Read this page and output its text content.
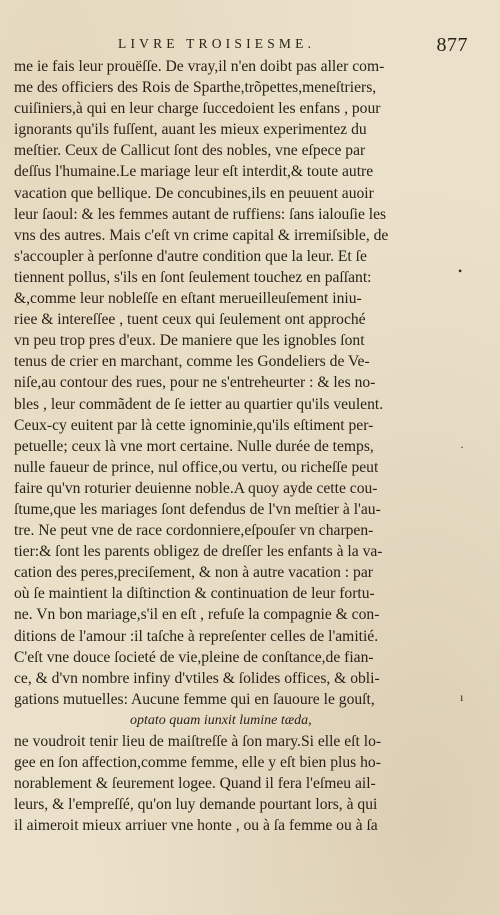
LIVRE TROISIESME.	877
me ie fais leur prouëſſe. De vray,il n'en doibt pas aller com-
me des officiers des Rois de Sparthe,trõpettes,meneſtriers,
cuiſiniers,à qui en leur charge ſuccedoient les enfans , pour
ignorants qu'ils fuſſent, auant les mieux experimentez du
meſtier. Ceux de Callicut ſont des nobles, vne eſpece par
deſſus l'humaine.Le mariage leur eſt interdit,& toute autre
vacation que bellique. De concubines,ils en peuuent auoir
leur ſaoul: & les femmes autant de ruffiens: ſans ialouſie les
vns des autres. Mais c'eſt vn crime capital & irremiſsible, de
s'accoupler à perſonne d'autre condition que la leur. Et ſe
tiennent pollus, s'ils en ſont ſeulement touchez en paſſant:
&,comme leur nobleſſe en eſtant merueilleuſement iniu-
riee & intereſſee , tuent ceux qui ſeulement ont approché
vn peu trop pres d'eux. De maniere que les ignobles ſont
tenus de crier en marchant, comme les Gondeliers de Ve-
niſe,au contour des rues, pour ne s'entreheurter : & les no-
bles , leur commãdent de ſe ietter au quartier qu'ils veulent.
Ceux-cy euitent par là cette ignominie,qu'ils eſtiment per-
petuelle; ceux là vne mort certaine. Nulle durée de temps,
nulle faueur de prince, nul office,ou vertu, ou richeſſe peut
faire qu'vn roturier deuienne noble.A quoy ayde cette cou-
ſtume,que les mariages ſont defendus de l'vn meſtier à l'au-
tre. Ne peut vne de race cordonniere,eſpouſer vn charpen-
tier:& ſont les parents obligez de dreſſer les enfants à la va-
cation des peres,preciſement, & non à autre vacation : par
où ſe maintient la diſtinction & continuation de leur fortu-
ne. Vn bon mariage,s'il en eſt , refuſe la compagnie & con-
ditions de l'amour :il taſche à repreſenter celles de l'amitié.
C'eſt vne douce ſocieté de vie,pleine de conſtance,de fian-
ce, & d'vn nombre infiny d'vtiles & ſolides offices, & obli-
gations mutuelles: Aucune femme qui en ſauoure le gouſt,
optato quam iunxit lumine tæda,
ne voudroit tenir lieu de maiſtreſſe à ſon mary.Si elle eſt lo-
gee en ſon affection,comme femme, elle y eſt bien plus ho-
norablement & ſeurement logee. Quand il fera l'eſmeu ail-
leurs, & l'empreſſé, qu'on luy demande pourtant lors, à qui
il aimeroit mieux arriuer vne honte , ou à ſa femme ou à ſa
•
·
ı
